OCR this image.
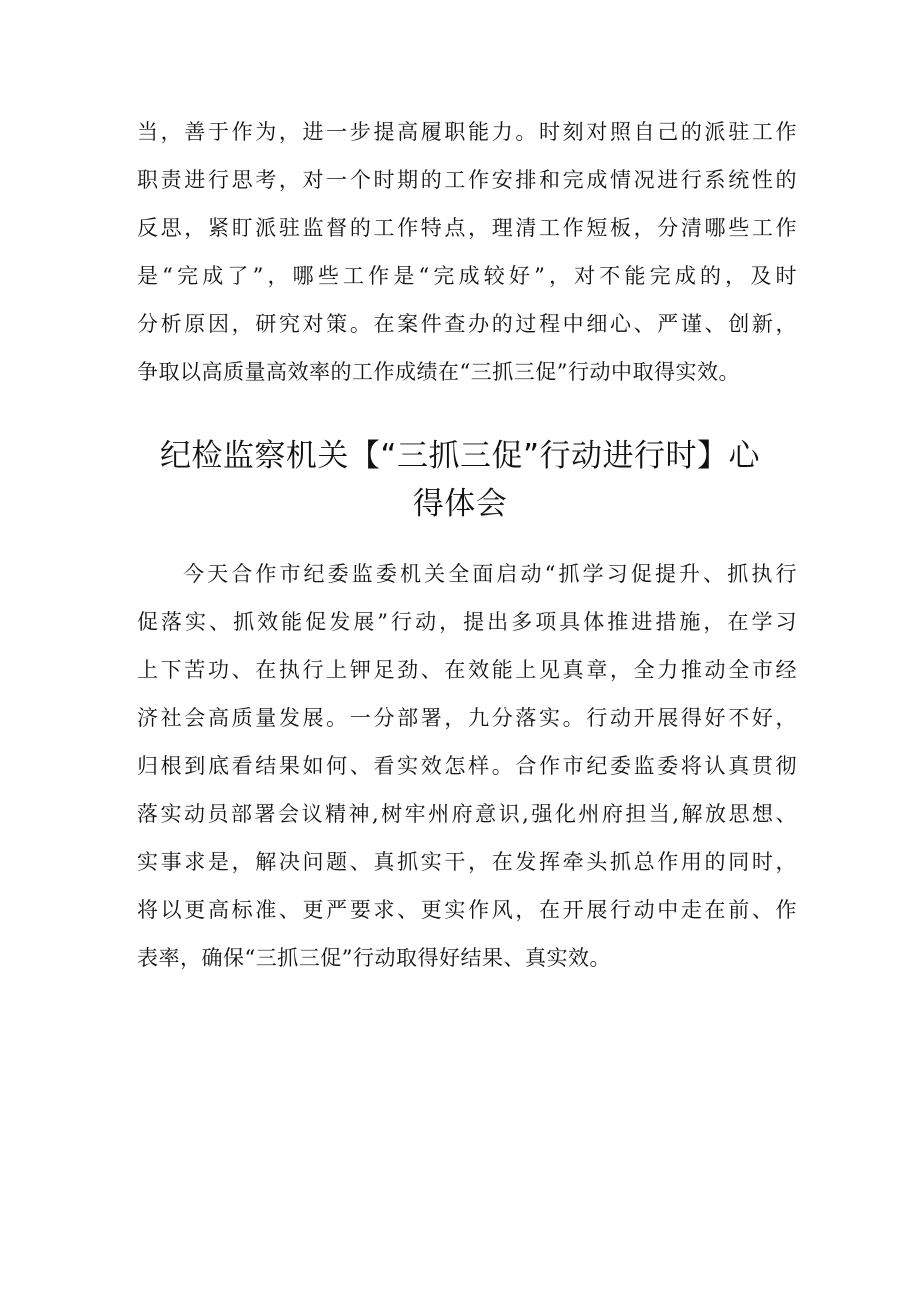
当，善于作为，进一步提高履职能力。时刻对照自己的派驻工作
职责进行思考，对一个时期的工作安排和完成情况进行系统性的
反思，紧盯派驻监督的工作特点，理清工作短板，分清哪些工作
是“完成了”，哪些工作是“完成较好”，对不能完成的，及时
分析原因，研究对策。在案件查办的过程中细心、严谨、创新，
争取以高质量高效率的工作成绩在“三抓三促”行动中取得实效。
纪检监察机关【“三抓三促”行动进行时】心
得体会
今天合作市纪委监委机关全面启动“抓学习促提升、抓执行
促落实、抓效能促发展”行动，提出多项具体推进措施，在学习
上下苦功、在执行上钾足劲、在效能上见真章，全力推动全市经
济社会高质量发展。一分部署，九分落实。行动开展得好不好，
归根到底看结果如何、看实效怎样。合作市纪委监委将认真贯彻
落实动员部署会议精神,树牢州府意识,强化州府担当,解放思想、
实事求是，解决问题、真抓实干，在发挥牵头抓总作用的同时，
将以更高标准、更严要求、更实作风，在开展行动中走在前、作
表率，确保“三抓三促”行动取得好结果、真实效。
